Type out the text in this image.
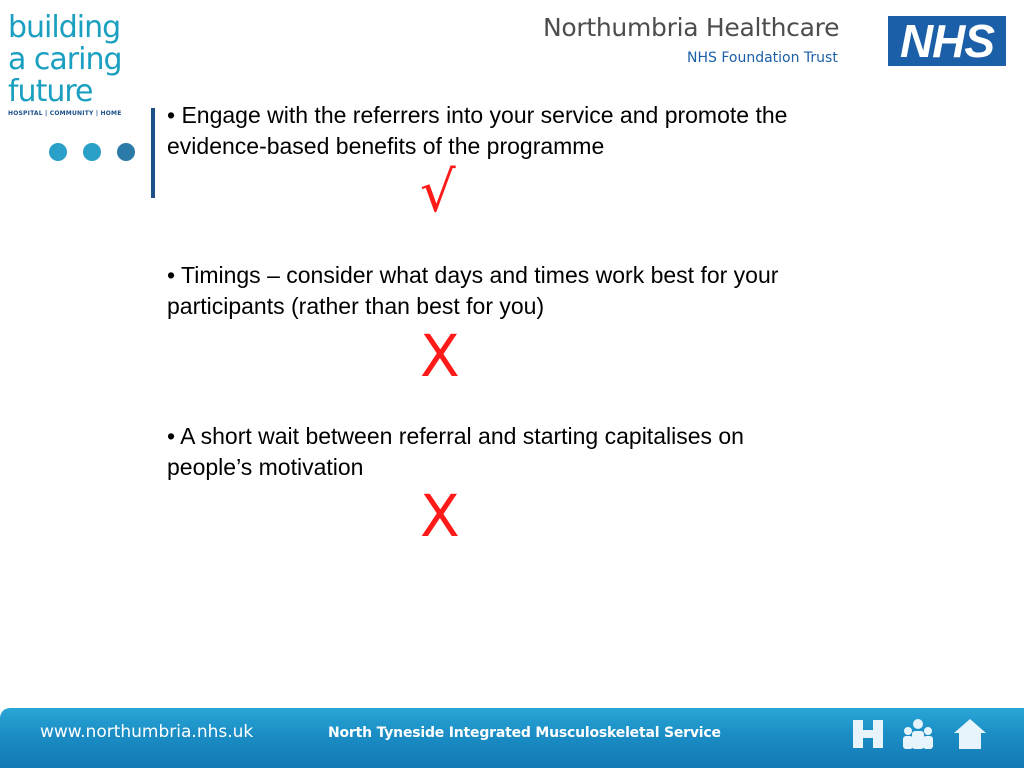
building
a caring
future
HOSPITAL | COMMUNITY | HOME
Northumbria Healthcare
NHS Foundation Trust NHS
• Engage with the referrers into your service and promote the evidence-based benefits of the programme
√
• Timings – consider what days and times work best for your participants (rather than best for you)
X
• A short wait between referral and starting capitalises on people’s motivation
X
www.northumbria.nhs.uk	North Tyneside Integrated Musculoskeletal Service
